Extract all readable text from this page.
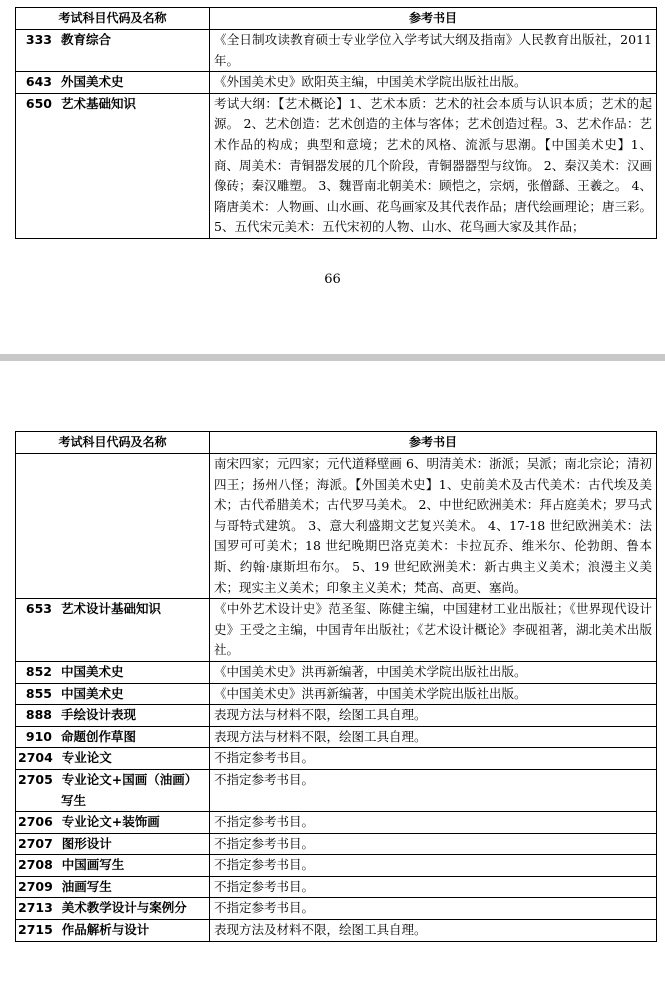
考试科目代码及名称	参考书目
333 教育综合	《全日制攻读教育硕士专业学位入学考试大纲及指南》人民教育出版社，2011年。
643 外国美术史	《外国美术史》欧阳英主编，中国美术学院出版社出版。
650 艺术基础知识	考试大纲：【艺术概论】1、艺术本质：艺术的社会本质与认识本质；艺术的起源。 2、艺术创造：艺术创造的主体与客体；艺术创造过程。3、艺术作品：艺术作品的构成；典型和意境；艺术的风格、流派与思潮。【中国美术史】1、商、周美术：青铜器发展的几个阶段，青铜器器型与纹饰。 2、秦汉美术：汉画像砖；秦汉雕塑。 3、魏晋南北朝美术：顾恺之，宗炳，张僧繇、王羲之。 4、隋唐美术：人物画、山水画、花鸟画家及其代表作品；唐代绘画理论；唐三彩。 5、五代宋元美术：五代宋初的人物、山水、花鸟画大家及其作品；
66
考试科目代码及名称	参考书目
	南宋四家；元四家；元代道释壁画 6、明清美术：浙派；吴派；南北宗论；清初四王；扬州八怪；海派。【外国美术史】1、史前美术及古代美术：古代埃及美术；古代希腊美术；古代罗马美术。 2、中世纪欧洲美术：拜占庭美术；罗马式与哥特式建筑。 3、意大利盛期文艺复兴美术。 4、17-18 世纪欧洲美术：法国罗可可美术；18 世纪晚期巴洛克美术：卡拉瓦乔、维米尔、伦勃朗、鲁本斯、约翰·康斯坦布尔。 5、19 世纪欧洲美术：新古典主义美术；浪漫主义美术；现实主义美术；印象主义美术；梵高、高更、塞尚。
653 艺术设计基础知识	《中外艺术设计史》范圣玺、陈健主编，中国建材工业出版社；《世界现代设计史》王受之主编，中国青年出版社；《艺术设计概论》李砚祖著，湖北美术出版社。
852 中国美术史	《中国美术史》洪再新编著，中国美术学院出版社出版。
855 中国美术史	《中国美术史》洪再新编著，中国美术学院出版社出版。
888 手绘设计表现	表现方法与材料不限，绘图工具自理。
910 命题创作草图	表现方法与材料不限，绘图工具自理。
2704 专业论文	不指定参考书目。

2705 专业论文+国画（油画）写生	不指定参考书目。
2706 专业论文+装饰画	不指定参考书目。
2707 图形设计	不指定参考书目。
2708 中国画写生	不指定参考书目。
2709 油画写生	不指定参考书目。

2713 美术教学设计与案例分	不指定参考书目。
2715 作品解析与设计	表现方法及材料不限，绘图工具自理。
